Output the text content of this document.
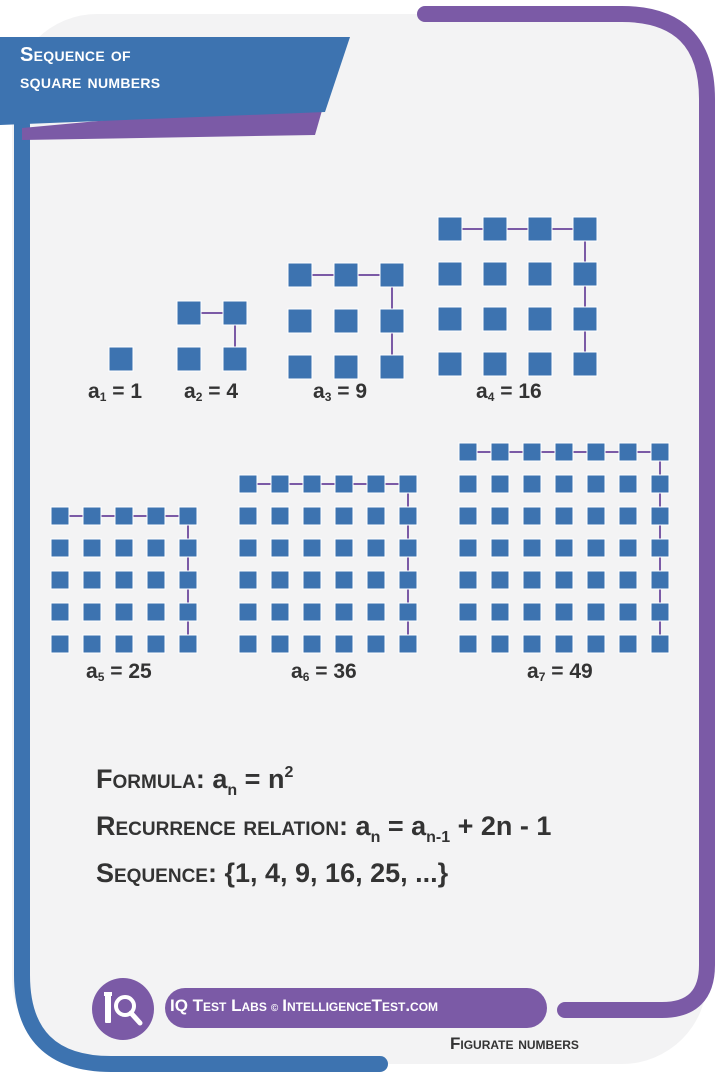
Sequence of
square numbers
$a_1 = 1$ $a_2 = 4$	$a_3 = 9$	$a_4 = 16$
$a_5 = 25$	$a_6 = 36$	$a_7 = 49$
Formula: $a_n = n^2$
Recurrence relation: $a_n = a_{n-1} + 2n - 1$
Sequence: {1, 4, 9, 16, 25, ...}
IQ Test Labs © IntelligenceTest.com
Figurate numbers
